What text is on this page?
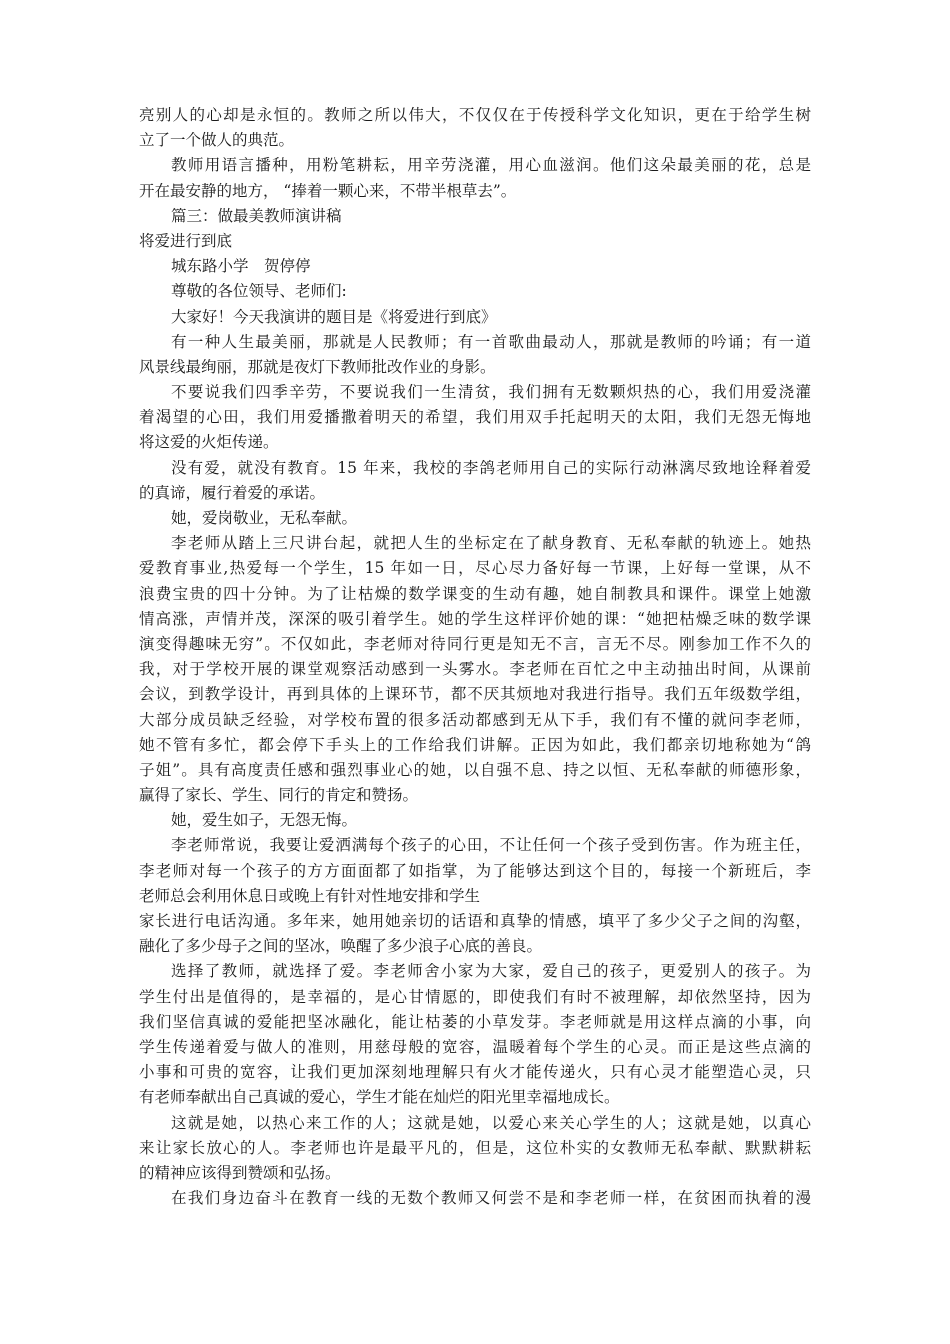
亮别人的心却是永恒的。教师之所以伟大，不仅仅在于传授科学文化知识，更在于给学生树
立了一个做人的典范。
教师用语言播种，用粉笔耕耘，用辛劳浇灌，用心血滋润。他们这朵最美丽的花，总是
开在最安静的地方， “捧着一颗心来，不带半根草去”。
篇三：做最美教师演讲稿
将爱进行到底
城东路小学　贺停停
尊敬的各位领导、老师们:
大家好！今天我演讲的题目是《将爱进行到底》
有一种人生最美丽，那就是人民教师；有一首歌曲最动人，那就是教师的吟诵；有一道
风景线最绚丽，那就是夜灯下教师批改作业的身影。
不要说我们四季辛劳，不要说我们一生清贫，我们拥有无数颗炽热的心，我们用爱浇灌
着渴望的心田，我们用爱播撒着明天的希望，我们用双手托起明天的太阳，我们无怨无悔地
将这爱的火炬传递。
没有爱，就没有教育。15 年来，我校的李鸽老师用自己的实际行动淋漓尽致地诠释着爱
的真谛，履行着爱的承诺。
她，爱岗敬业，无私奉献。
李老师从踏上三尺讲台起，就把人生的坐标定在了献身教育、无私奉献的轨迹上。她热
爱教育事业,热爱每一个学生，15 年如一日，尽心尽力备好每一节课，上好每一堂课，从不
浪费宝贵的四十分钟。为了让枯燥的数学课变的生动有趣，她自制教具和课件。课堂上她激
情高涨，声情并茂，深深的吸引着学生。她的学生这样评价她的课：“她把枯燥乏味的数学课
演变得趣味无穷”。不仅如此，李老师对待同行更是知无不言，言无不尽。刚参加工作不久的
我，对于学校开展的课堂观察活动感到一头雾水。李老师在百忙之中主动抽出时间，从课前
会议，到教学设计，再到具体的上课环节，都不厌其烦地对我进行指导。我们五年级数学组，
大部分成员缺乏经验，对学校布置的很多活动都感到无从下手，我们有不懂的就问李老师，
她不管有多忙，都会停下手头上的工作给我们讲解。正因为如此，我们都亲切地称她为“鸽
子姐”。具有高度责任感和强烈事业心的她，以自强不息、持之以恒、无私奉献的师德形象，
赢得了家长、学生、同行的肯定和赞扬。
她，爱生如子，无怨无悔。
李老师常说，我要让爱洒满每个孩子的心田，不让任何一个孩子受到伤害。作为班主任，
李老师对每一个孩子的方方面面都了如指掌，为了能够达到这个目的，每接一个新班后，李
老师总会利用休息日或晚上有针对性地安排和学生
家长进行电话沟通。多年来，她用她亲切的话语和真挚的情感，填平了多少父子之间的沟壑，
融化了多少母子之间的坚冰，唤醒了多少浪子心底的善良。
选择了教师，就选择了爱。李老师舍小家为大家，爱自己的孩子，更爱别人的孩子。为
学生付出是值得的，是幸福的，是心甘情愿的，即使我们有时不被理解，却依然坚持，因为
我们坚信真诚的爱能把坚冰融化，能让枯萎的小草发芽。李老师就是用这样点滴的小事，向
学生传递着爱与做人的准则，用慈母般的宽容，温暖着每个学生的心灵。而正是这些点滴的
小事和可贵的宽容，让我们更加深刻地理解只有火才能传递火，只有心灵才能塑造心灵，只
有老师奉献出自己真诚的爱心，学生才能在灿烂的阳光里幸福地成长。
这就是她，以热心来工作的人；这就是她，以爱心来关心学生的人；这就是她，以真心
来让家长放心的人。李老师也许是最平凡的，但是，这位朴实的女教师无私奉献、默默耕耘
的精神应该得到赞颂和弘扬。
在我们身边奋斗在教育一线的无数个教师又何尝不是和李老师一样，在贫困而执着的漫
